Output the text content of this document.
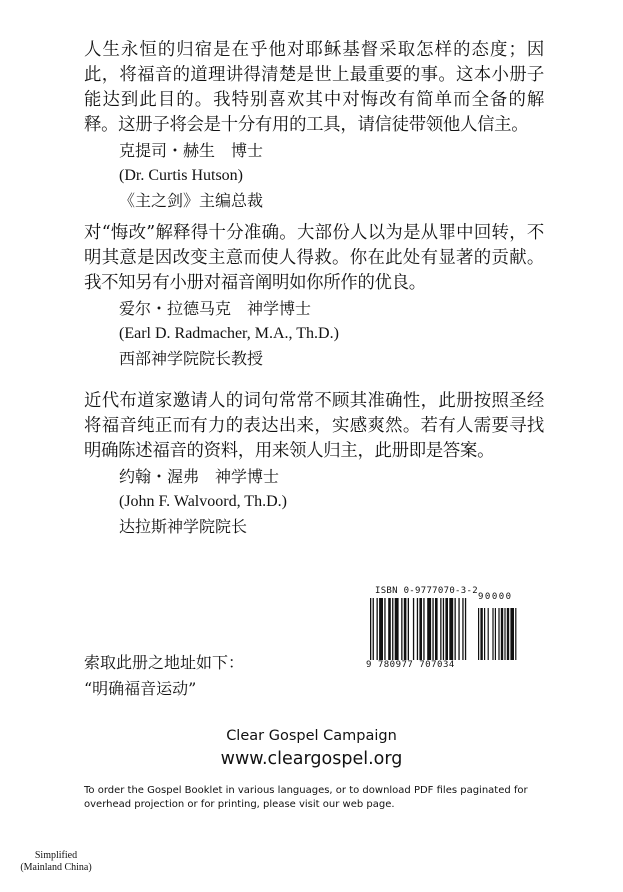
人生永恒的归宿是在乎他对耶稣基督采取怎样的态度；因此，将福音的道理讲得清楚是世上最重要的事。这本小册子能达到此目的。我特别喜欢其中对悔改有简单而全备的解释。这册子将会是十分有用的工具，请信徒带领他人信主。

克提司・赫生　博士
(Dr. Curtis Hutson)
《主之剑》主编总裁

对“悔改”解释得十分准确。大部份人以为是从罪中回转，不明其意是因改变主意而使人得救。你在此处有显著的贡献。我不知另有小册对福音阐明如你所作的优良。

爱尔・拉德马克　神学博士
(Earl D. Radmacher, M.A., Th.D.)
西部神学院院长教授

近代布道家邀请人的词句常常不顾其准确性，此册按照圣经将福音纯正而有力的表达出来，实感爽然。若有人需要寻找明确陈述福音的资料，用来领人归主，此册即是答案。

约翰・渥弗　神学博士
(John F. Walvoord, Th.D.)
达拉斯神学院院长
ISBN 0-9777070-3-2
90000
9 780977 707034
索取此册之地址如下：
“明确福音运动”
Clear Gospel Campaign
www.cleargospel.org
To order the Gospel Booklet in various languages, or to download PDF files paginated for overhead projection or for printing, please visit our web page.
Simplified
(Mainland China)
